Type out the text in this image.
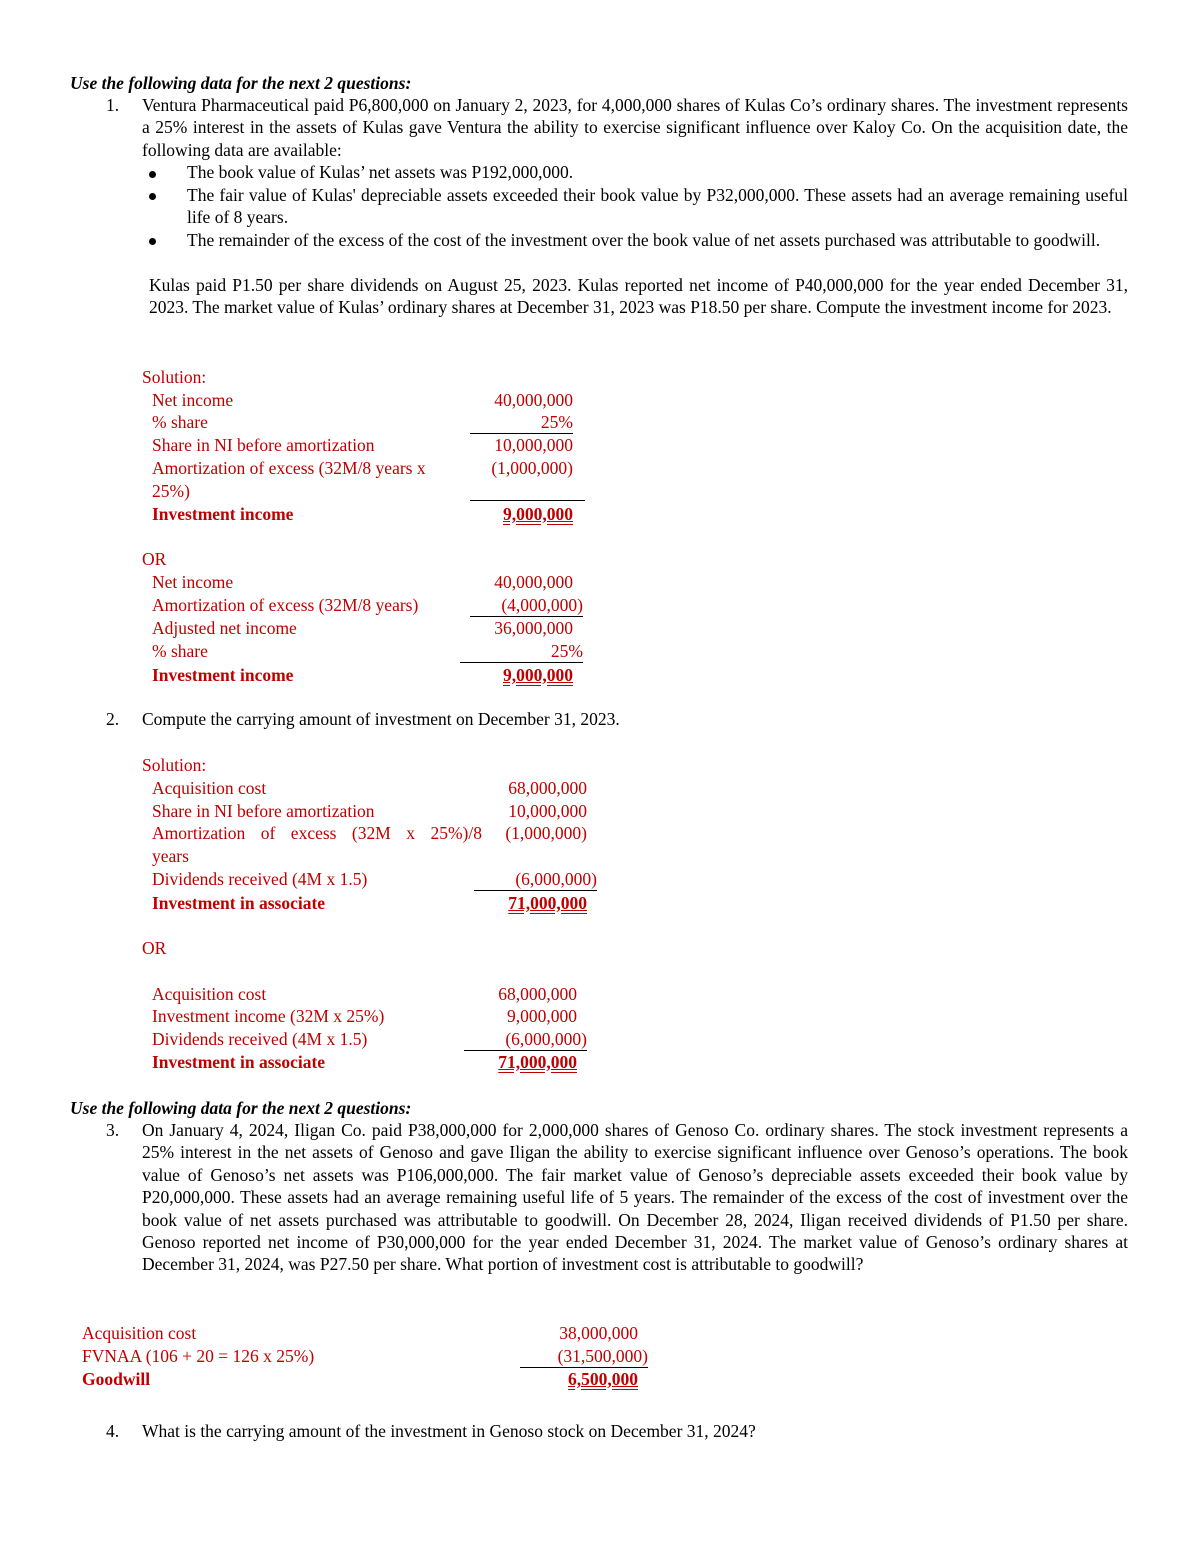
Use the following data for the next 2 questions:
1. Ventura Pharmaceutical paid P6,800,000 on January 2, 2023, for 4,000,000 shares of Kulas Co’s ordinary shares. The investment represents a 25% interest in the assets of Kulas gave Ventura the ability to exercise significant influence over Kaloy Co. On the acquisition date, the following data are available:
The book value of Kulas’ net assets was P192,000,000.
The fair value of Kulas' depreciable assets exceeded their book value by P32,000,000. These assets had an average remaining useful life of 8 years.
The remainder of the excess of the cost of the investment over the book value of net assets purchased was attributable to goodwill.
Kulas paid P1.50 per share dividends on August 25, 2023. Kulas reported net income of P40,000,000 for the year ended December 31, 2023. The market value of Kulas’ ordinary shares at December 31, 2023 was P18.50 per share. Compute the investment income for 2023.
Solution:
Net income	40,000,000
% share	25%
Share in NI before amortization	10,000,000
Amortization of excess (32M/8 years x	(1,000,000)
25%)
Investment income	9,000,000
OR
Net income	40,000,000
Amortization of excess (32M/8 years)	(4,000,000)
Adjusted net income	36,000,000
% share	25%
Investment income	9,000,000
2. Compute the carrying amount of investment on December 31, 2023.
Solution:
Acquisition cost	68,000,000
Share in NI before amortization	10,000,000
Amortization of excess (32M x 25%)/8	(1,000,000)
years
Dividends received (4M x 1.5)	(6,000,000)
Investment in associate	71,000,000
OR
Acquisition cost	68,000,000
Investment income (32M x 25%)	9,000,000
Dividends received (4M x 1.5)	(6,000,000)
Investment in associate	71,000,000
Use the following data for the next 2 questions:
3. On January 4, 2024, Iligan Co. paid P38,000,000 for 2,000,000 shares of Genoso Co. ordinary shares. The stock investment represents a 25% interest in the net assets of Genoso and gave Iligan the ability to exercise significant influence over Genoso’s operations. The book value of Genoso’s net assets was P106,000,000. The fair market value of Genoso’s depreciable assets exceeded their book value by P20,000,000. These assets had an average remaining useful life of 5 years. The remainder of the excess of the cost of investment over the book value of net assets purchased was attributable to goodwill. On December 28, 2024, Iligan received dividends of P1.50 per share. Genoso reported net income of P30,000,000 for the year ended December 31, 2024. The market value of Genoso’s ordinary shares at December 31, 2024, was P27.50 per share. What portion of investment cost is attributable to goodwill?
Acquisition cost	38,000,000
FVNAA (106 + 20 = 126 x 25%)	(31,500,000)
Goodwill	6,500,000
4. What is the carrying amount of the investment in Genoso stock on December 31, 2024?
